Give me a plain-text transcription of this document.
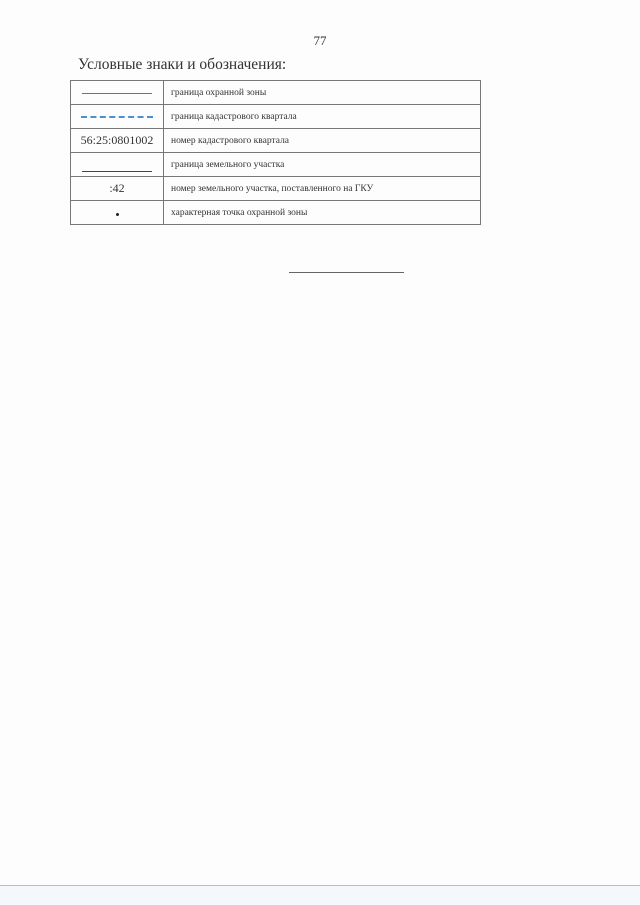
77
Условные знаки и обозначения:
	граница охранной зоны
	граница кадастрового квартала
56:25:0801002	номер кадастрового квартала
	граница земельного участка
:42	номер земельного участка, поставленного на ГКУ
	характерная точка охранной зоны
